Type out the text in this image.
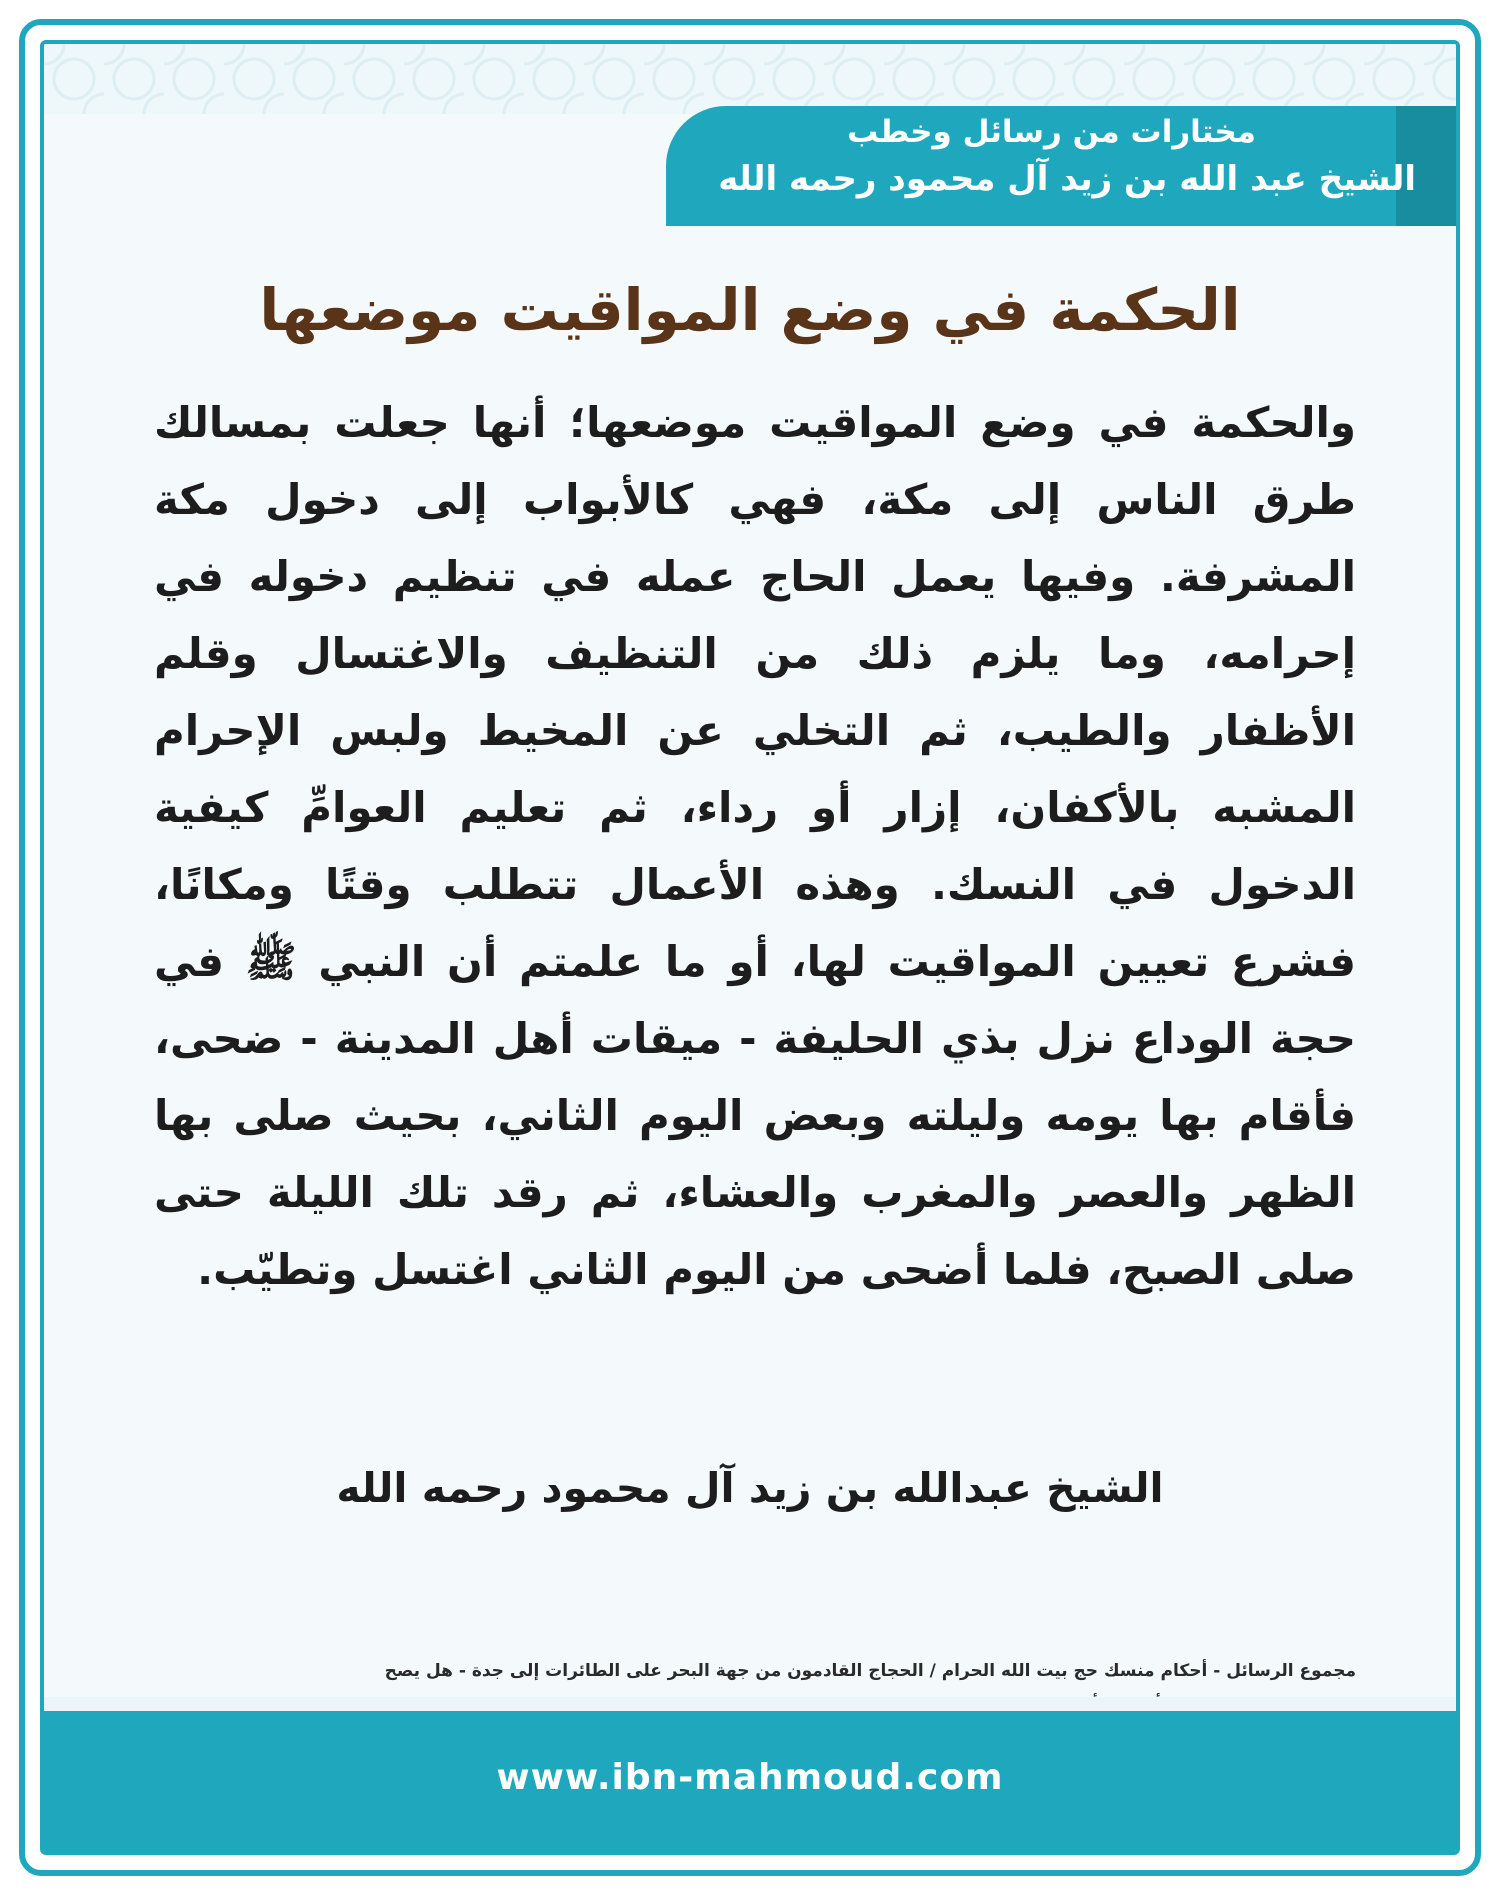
مختارات من رسائل وخطب
الشيخ عبد الله بن زيد آل محمود رحمه الله
الحكمة في وضع المواقيت موضعها
والحكمة في وضع المواقيت موضعها؛ أنها جعلت بمسالك طرق الناس إلى مكة، فهي كالأبواب إلى دخول مكة المشرفة. وفيها يعمل الحاج عمله في تنظيم دخوله في إحرامه، وما يلزم ذلك من التنظيف والاغتسال وقلم الأظفار والطيب، ثم التخلي عن المخيط ولبس الإحرام المشبه بالأكفان، إزار أو رداء، ثم تعليم العوامِّ كيفية الدخول في النسك. وهذه الأعمال تتطلب وقتًا ومكانًا، فشرع تعيين المواقيت لها، أو ما علمتم أن النبي ﷺ في حجة الوداع نزل بذي الحليفة - ميقات أهل المدينة - ضحى، فأقام بها يومه وليلته وبعض اليوم الثاني، بحيث صلى بها الظهر والعصر والمغرب والعشاء، ثم رقد تلك الليلة حتى صلى الصبح، فلما أضحى من اليوم الثاني اغتسل وتطيّب.
الشيخ عبدالله بن زيد آل محمود رحمه الله
مجموع الرسائل - أحكام منسك حج بيت الله الحرام / الحجاج القادمون من جهة البحر على الطائرات إلى جدة - هل يصح
www.ibn-mahmoud.com
